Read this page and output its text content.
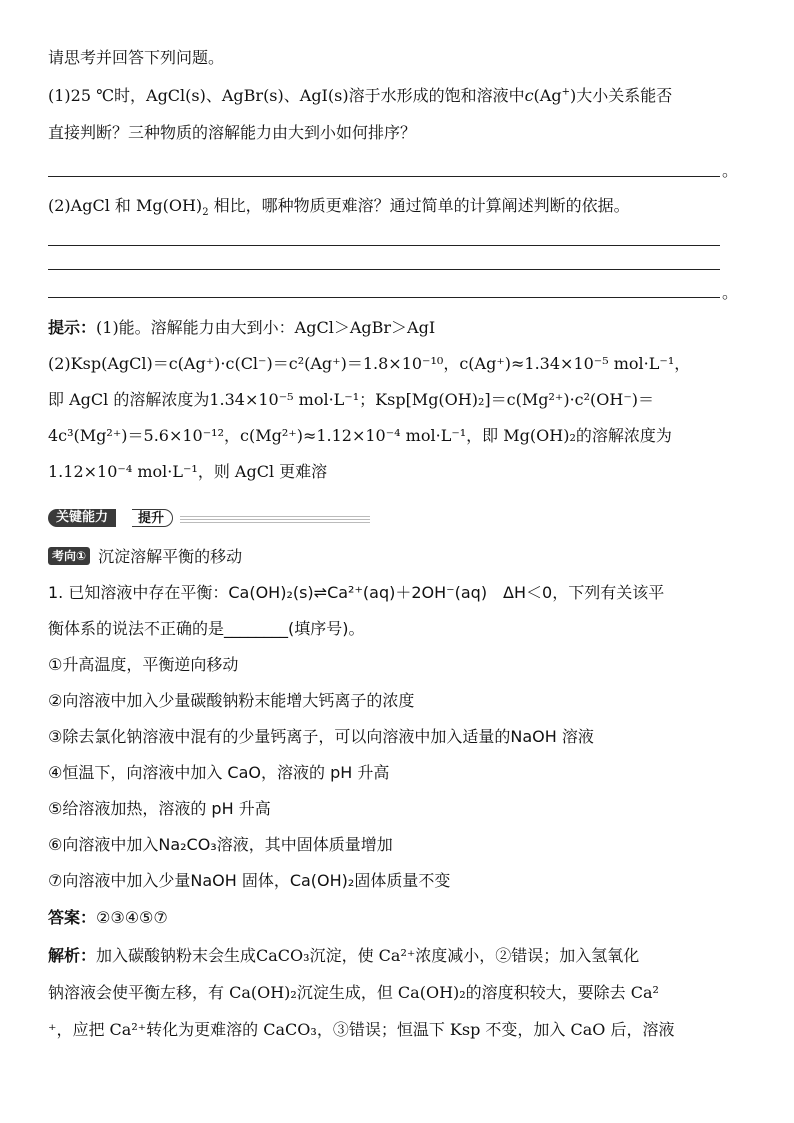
请思考并回答下列问题。
(1)25 ℃时，AgCl(s)、AgBr(s)、AgI(s)溶于水形成的饱和溶液中c(Ag+)大小关系能否
直接判断？三种物质的溶解能力由大到小如何排序？
。
(2)AgCl 和 $Mg(OH)_2$ 相比，哪种物质更难溶？通过简单的计算阐述判断的依据。
。
提示：(1)能。溶解能力由大到小：AgCl＞AgBr＞AgI
(2)Ksp(AgCl)＝c(Ag⁺)·c(Cl⁻)＝c²(Ag⁺)＝1.8×10⁻¹⁰，c(Ag⁺)≈1.34×10⁻⁵ mol·L⁻¹，
即 AgCl 的溶解浓度为1.34×10⁻⁵ mol·L⁻¹；Ksp[Mg(OH)₂]＝c(Mg²⁺)·c²(OH⁻)＝
4c³(Mg²⁺)＝5.6×10⁻¹²，c(Mg²⁺)≈1.12×10⁻⁴ mol·L⁻¹，即 Mg(OH)₂的溶解浓度为
1.12×10⁻⁴ mol·L⁻¹，则 AgCl 更难溶
关键能力	提升
考向① 沉淀溶解平衡的移动
1. 已知溶液中存在平衡：Ca(OH)₂(s)⇌Ca²⁺(aq)＋2OH⁻(aq)　ΔH＜0，下列有关该平
衡体系的说法不正确的是________(填序号)。
①升高温度，平衡逆向移动
②向溶液中加入少量碳酸钠粉末能增大钙离子的浓度
③除去氯化钠溶液中混有的少量钙离子，可以向溶液中加入适量的NaOH 溶液
④恒温下，向溶液中加入 CaO，溶液的 pH 升高
⑤给溶液加热，溶液的 pH 升高
⑥向溶液中加入Na₂CO₃溶液，其中固体质量增加
⑦向溶液中加入少量NaOH 固体，Ca(OH)₂固体质量不变
答案：②③④⑤⑦
解析：加入碳酸钠粉末会生成CaCO₃沉淀，使 Ca²⁺浓度减小，②错误；加入氢氧化
钠溶液会使平衡左移，有 Ca(OH)₂沉淀生成，但 Ca(OH)₂的溶度积较大，要除去 Ca²
⁺，应把 Ca²⁺转化为更难溶的 CaCO₃，③错误；恒温下 Ksp 不变，加入 CaO 后，溶液
